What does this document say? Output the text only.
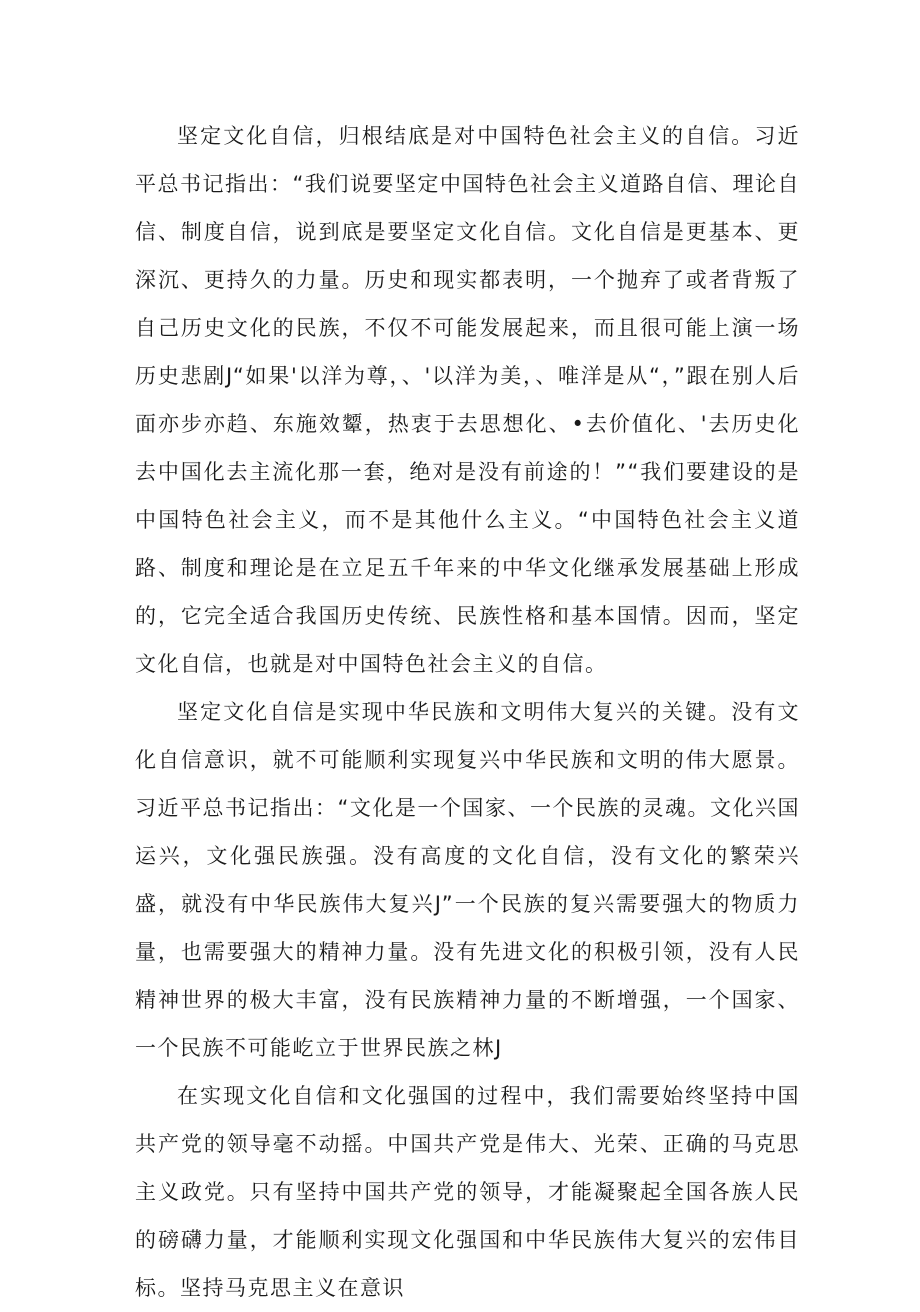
坚定文化自信，归根结底是对中国特色社会主义的自信。习近平总书记指出：“我们说要坚定中国特色社会主义道路自信、理论自信、制度自信，说到底是要坚定文化自信。文化自信是更基本、更深沉、更持久的力量。历史和现实都表明，一个抛弃了或者背叛了自己历史文化的民族，不仅不可能发展起来，而且很可能上演一场历史悲剧J“如果'以洋为尊，、'以洋为美，、唯洋是从“，”跟在别人后面亦步亦趋、东施效颦，热衷于去思想化、•去价值化、'去历史化去中国化去主流化那一套，绝对是没有前途的！”“我们要建设的是中国特色社会主义，而不是其他什么主义。“中国特色社会主义道路、制度和理论是在立足五千年来的中华文化继承发展基础上形成的，它完全适合我国历史传统、民族性格和基本国情。因而，坚定文化自信，也就是对中国特色社会主义的自信。

坚定文化自信是实现中华民族和文明伟大复兴的关键。没有文化自信意识，就不可能顺利实现复兴中华民族和文明的伟大愿景。习近平总书记指出：“文化是一个国家、一个民族的灵魂。文化兴国运兴，文化强民族强。没有高度的文化自信，没有文化的繁荣兴盛，就没有中华民族伟大复兴J”一个民族的复兴需要强大的物质力量，也需要强大的精神力量。没有先进文化的积极引领，没有人民精神世界的极大丰富，没有民族精神力量的不断增强，一个国家、一个民族不可能屹立于世界民族之林J

在实现文化自信和文化强国的过程中，我们需要始终坚持中国共产党的领导毫不动摇。中国共产党是伟大、光荣、正确的马克思主义政党。只有坚持中国共产党的领导，才能凝聚起全国各族人民的磅礴力量，才能顺利实现文化强国和中华民族伟大复兴的宏伟目标。坚持马克思主义在意识
